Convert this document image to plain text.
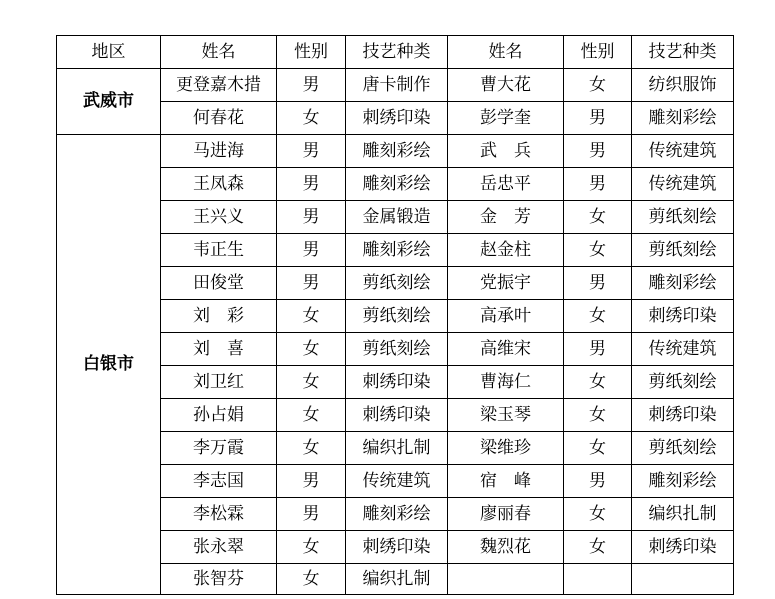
地区	姓名	性别	技艺种类	姓名	性别	技艺种类
武威市	更登嘉木措	男	唐卡制作	曹大花	女	纺织服饰
	何春花	女	刺绣印染	彭学奎	男	雕刻彩绘
白银市	马进海	男	雕刻彩绘	武　兵	男	传统建筑
	王凤森	男	雕刻彩绘	岳忠平	男	传统建筑
	王兴义	男	金属锻造	金　芳	女	剪纸刻绘
	韦正生	男	雕刻彩绘	赵金柱	女	剪纸刻绘
	田俊堂	男	剪纸刻绘	党振宇	男	雕刻彩绘
	刘　彩	女	剪纸刻绘	高承叶	女	刺绣印染
	刘　喜	女	剪纸刻绘	高维宋	男	传统建筑
	刘卫红	女	刺绣印染	曹海仁	女	剪纸刻绘
	孙占娟	女	刺绣印染	梁玉琴	女	刺绣印染
	李万霞	女	编织扎制	梁维珍	女	剪纸刻绘
	李志国	男	传统建筑	宿　峰	男	雕刻彩绘
	李松霖	男	雕刻彩绘	廖丽春	女	编织扎制
	张永翠	女	刺绣印染	魏烈花	女	刺绣印染
	张智芬	女	编织扎制			
